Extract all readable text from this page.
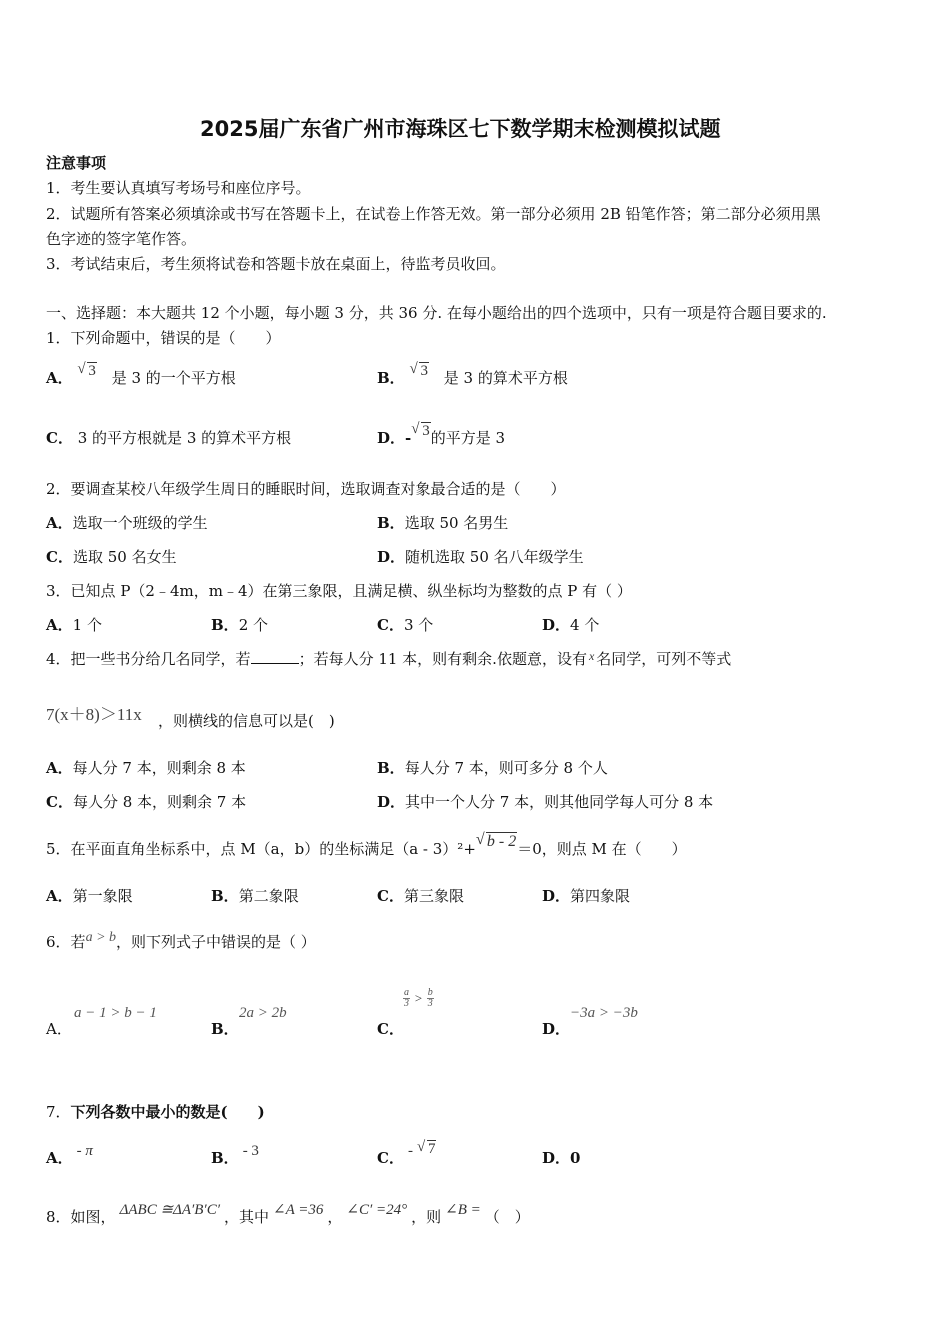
2025届广东省广州市海珠区七下数学期末检测模拟试题
注意事项
1．考生要认真填写考场号和座位序号。
2．试题所有答案必须填涂或书写在答题卡上，在试卷上作答无效。第一部分必须用 2B 铅笔作答；第二部分必须用黑
色字迹的签字笔作答。
3．考试结束后，考生须将试卷和答题卡放在桌面上，待监考员收回。
一、选择题：本大题共 12 个小题，每小题 3 分，共 36 分. 在每小题给出的四个选项中，只有一项是符合题目要求的.
1．下列命题中，错误的是（　　）
A． √ 3 是 3 的一个平方根	B． √ 3 是 3 的算术平方根
C． 3 的平方根就是 3 的算术平方根	D．- √ 3的平方是 3
2．要调查某校八年级学生周日的睡眠时间，选取调查对象最合适的是（　　）
A．选取一个班级的学生	B．选取 50 名男生
C．选取 50 名女生	D．随机选取 50 名八年级学生
3．已知点 P（2﹣4m，m﹣4）在第三象限，且满足横、纵坐标均为整数的点 P 有（ ）
A．1 个	B．2 个	C．3 个	D．4 个
4．把一些书分给几名同学，若	；若每人分 11 本，则有剩余.依题意，设有 $^x$ 名同学，可列不等式
7(x＋8)＞11x ，则横线的信息可以是(　)
A．每人分 7 本，则剩余 8 本	B．每人分 7 本，则可多分 8 个人
C．每人分 8 本，则剩余 7 本	D．其中一个人分 7 本，则其他同学每人可分 8 本
5．在平面直角坐标系中，点 M（a，b）的坐标满足（a - 3）²+
√ b - 2＝0，则点 M 在（　　）
A．第一象限	B．第二象限	C．第三象限	D．第四象限
6．若a > b，则下列式子中错误的是（ ）
A．
a − 1 > b − 1
B．
2a > 2b
C．
$\frac{a}{3} > \frac{b}{3}$
D．
−3a > −3b
7．下列各数中最小的数是(　　)
A． - π	B． - 3	C． - √ 7	D．0
8．如图， ΔABC ≅ΔA′B′C′ ，其中 ∠A =36 ， ∠C′ =24° ，则 ∠B = （　）
